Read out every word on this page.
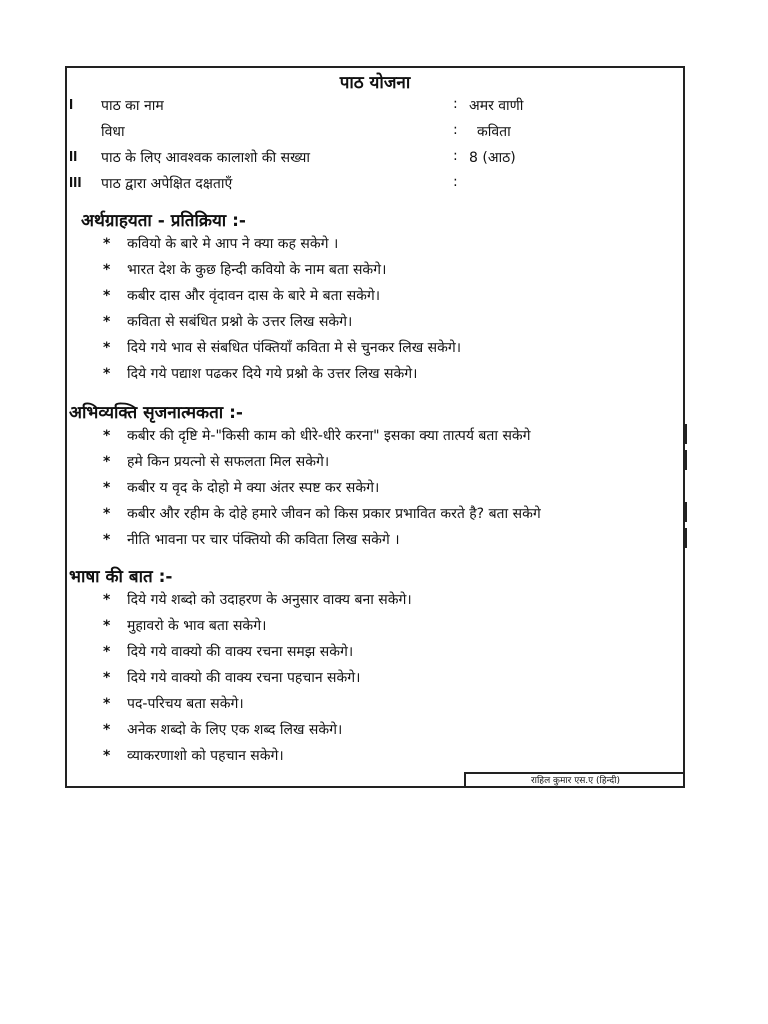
पाठ योजना
I पाठ का नाम	: अमर वाणी
विधा	: कविता
II पाठ के लिए आवश्वक कालाशो की सख्या	: 8 (आठ)
III पाठ द्वारा अपेक्षित दक्षताएँ	:
अर्थग्राहयता - प्रतिक्रिया :-
* कवियो के बारे मे आप ने क्या कह सकेगे ।
* भारत देश के कुछ हिन्दी कवियो के नाम बता सकेगे।
* कबीर दास और वृंदावन दास के बारे मे बता सकेगे।
* कविता से सबंधित प्रश्नो के उत्तर लिख सकेगे।
* दिये गये भाव से संबधित पंक्तियाँ कविता मे से चुनकर लिख सकेगे।
* दिये गये पद्याश पढकर दिये गये प्रश्नो के उत्तर लिख सकेगे।
अभिव्यक्ति सृजनात्मकता :-
* कबीर की दृष्टि मे-"किसी काम को धीरे-धीरे करना" इसका क्या तात्पर्य बता सकेगे
* हमे किन प्रयत्नो से सफलता मिल सकेगे।
* कबीर य वृद के दोहो मे क्या अंतर स्पष्ट कर सकेगे।
* कबीर और रहीम के दोहे हमारे जीवन को किस प्रकार प्रभावित करते है? बता सकेगे
* नीति भावना पर चार पंक्तियो की कविता लिख सकेगे ।
भाषा की बात :-
* दिये गये शब्दो को उदाहरण के अनुसार वाक्य बना सकेगे।
* मुहावरो के भाव बता सकेगे।
* दिये गये वाक्यो की वाक्य रचना समझ सकेगे।
* दिये गये वाक्यो की वाक्य रचना पहचान सकेगे।
* पद-परिचय बता सकेगे।
* अनेक शब्दो के लिए एक शब्द लिख सकेगे।
* व्याकरणाशो को पहचान सकेगे।
राहिल कुमार एस.ए (हिन्दी)
